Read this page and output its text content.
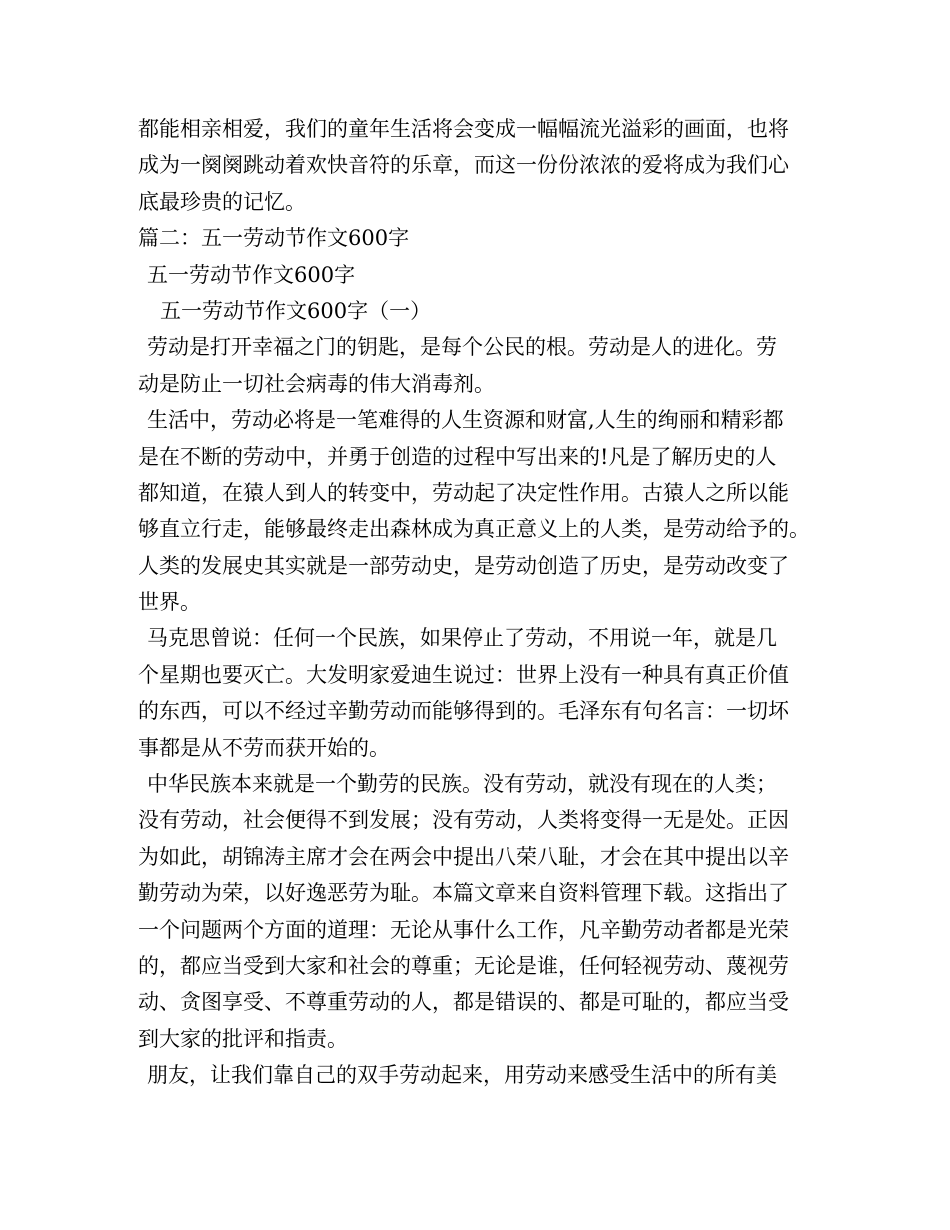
都能相亲相爱，我们的童年生活将会变成一幅幅流光溢彩的画面，也将
成为一阕阕跳动着欢快音符的乐章，而这一份份浓浓的爱将成为我们心
底最珍贵的记忆。
篇二：五一劳动节作文600字
五一劳动节作文600字
五一劳动节作文600字（一）
劳动是打开幸福之门的钥匙，是每个公民的根。劳动是人的进化。劳
动是防止一切社会病毒的伟大消毒剂。
生活中，劳动必将是一笔难得的人生资源和财富,人生的绚丽和精彩都
是在不断的劳动中，并勇于创造的过程中写出来的!凡是了解历史的人
都知道，在猿人到人的转变中，劳动起了决定性作用。古猿人之所以能
够直立行走，能够最终走出森林成为真正意义上的人类，是劳动给予的。
人类的发展史其实就是一部劳动史，是劳动创造了历史，是劳动改变了
世界。
马克思曾说：任何一个民族，如果停止了劳动，不用说一年，就是几
个星期也要灭亡。大发明家爱迪生说过：世界上没有一种具有真正价值
的东西，可以不经过辛勤劳动而能够得到的。毛泽东有句名言：一切坏
事都是从不劳而获开始的。
中华民族本来就是一个勤劳的民族。没有劳动，就没有现在的人类；
没有劳动，社会便得不到发展；没有劳动，人类将变得一无是处。正因
为如此，胡锦涛主席才会在两会中提出八荣八耻，才会在其中提出以辛
勤劳动为荣，以好逸恶劳为耻。本篇文章来自资料管理下载。这指出了
一个问题两个方面的道理：无论从事什么工作，凡辛勤劳动者都是光荣
的，都应当受到大家和社会的尊重；无论是谁，任何轻视劳动、蔑视劳
动、贪图享受、不尊重劳动的人，都是错误的、都是可耻的，都应当受
到大家的批评和指责。
朋友，让我们靠自己的双手劳动起来，用劳动来感受生活中的所有美
